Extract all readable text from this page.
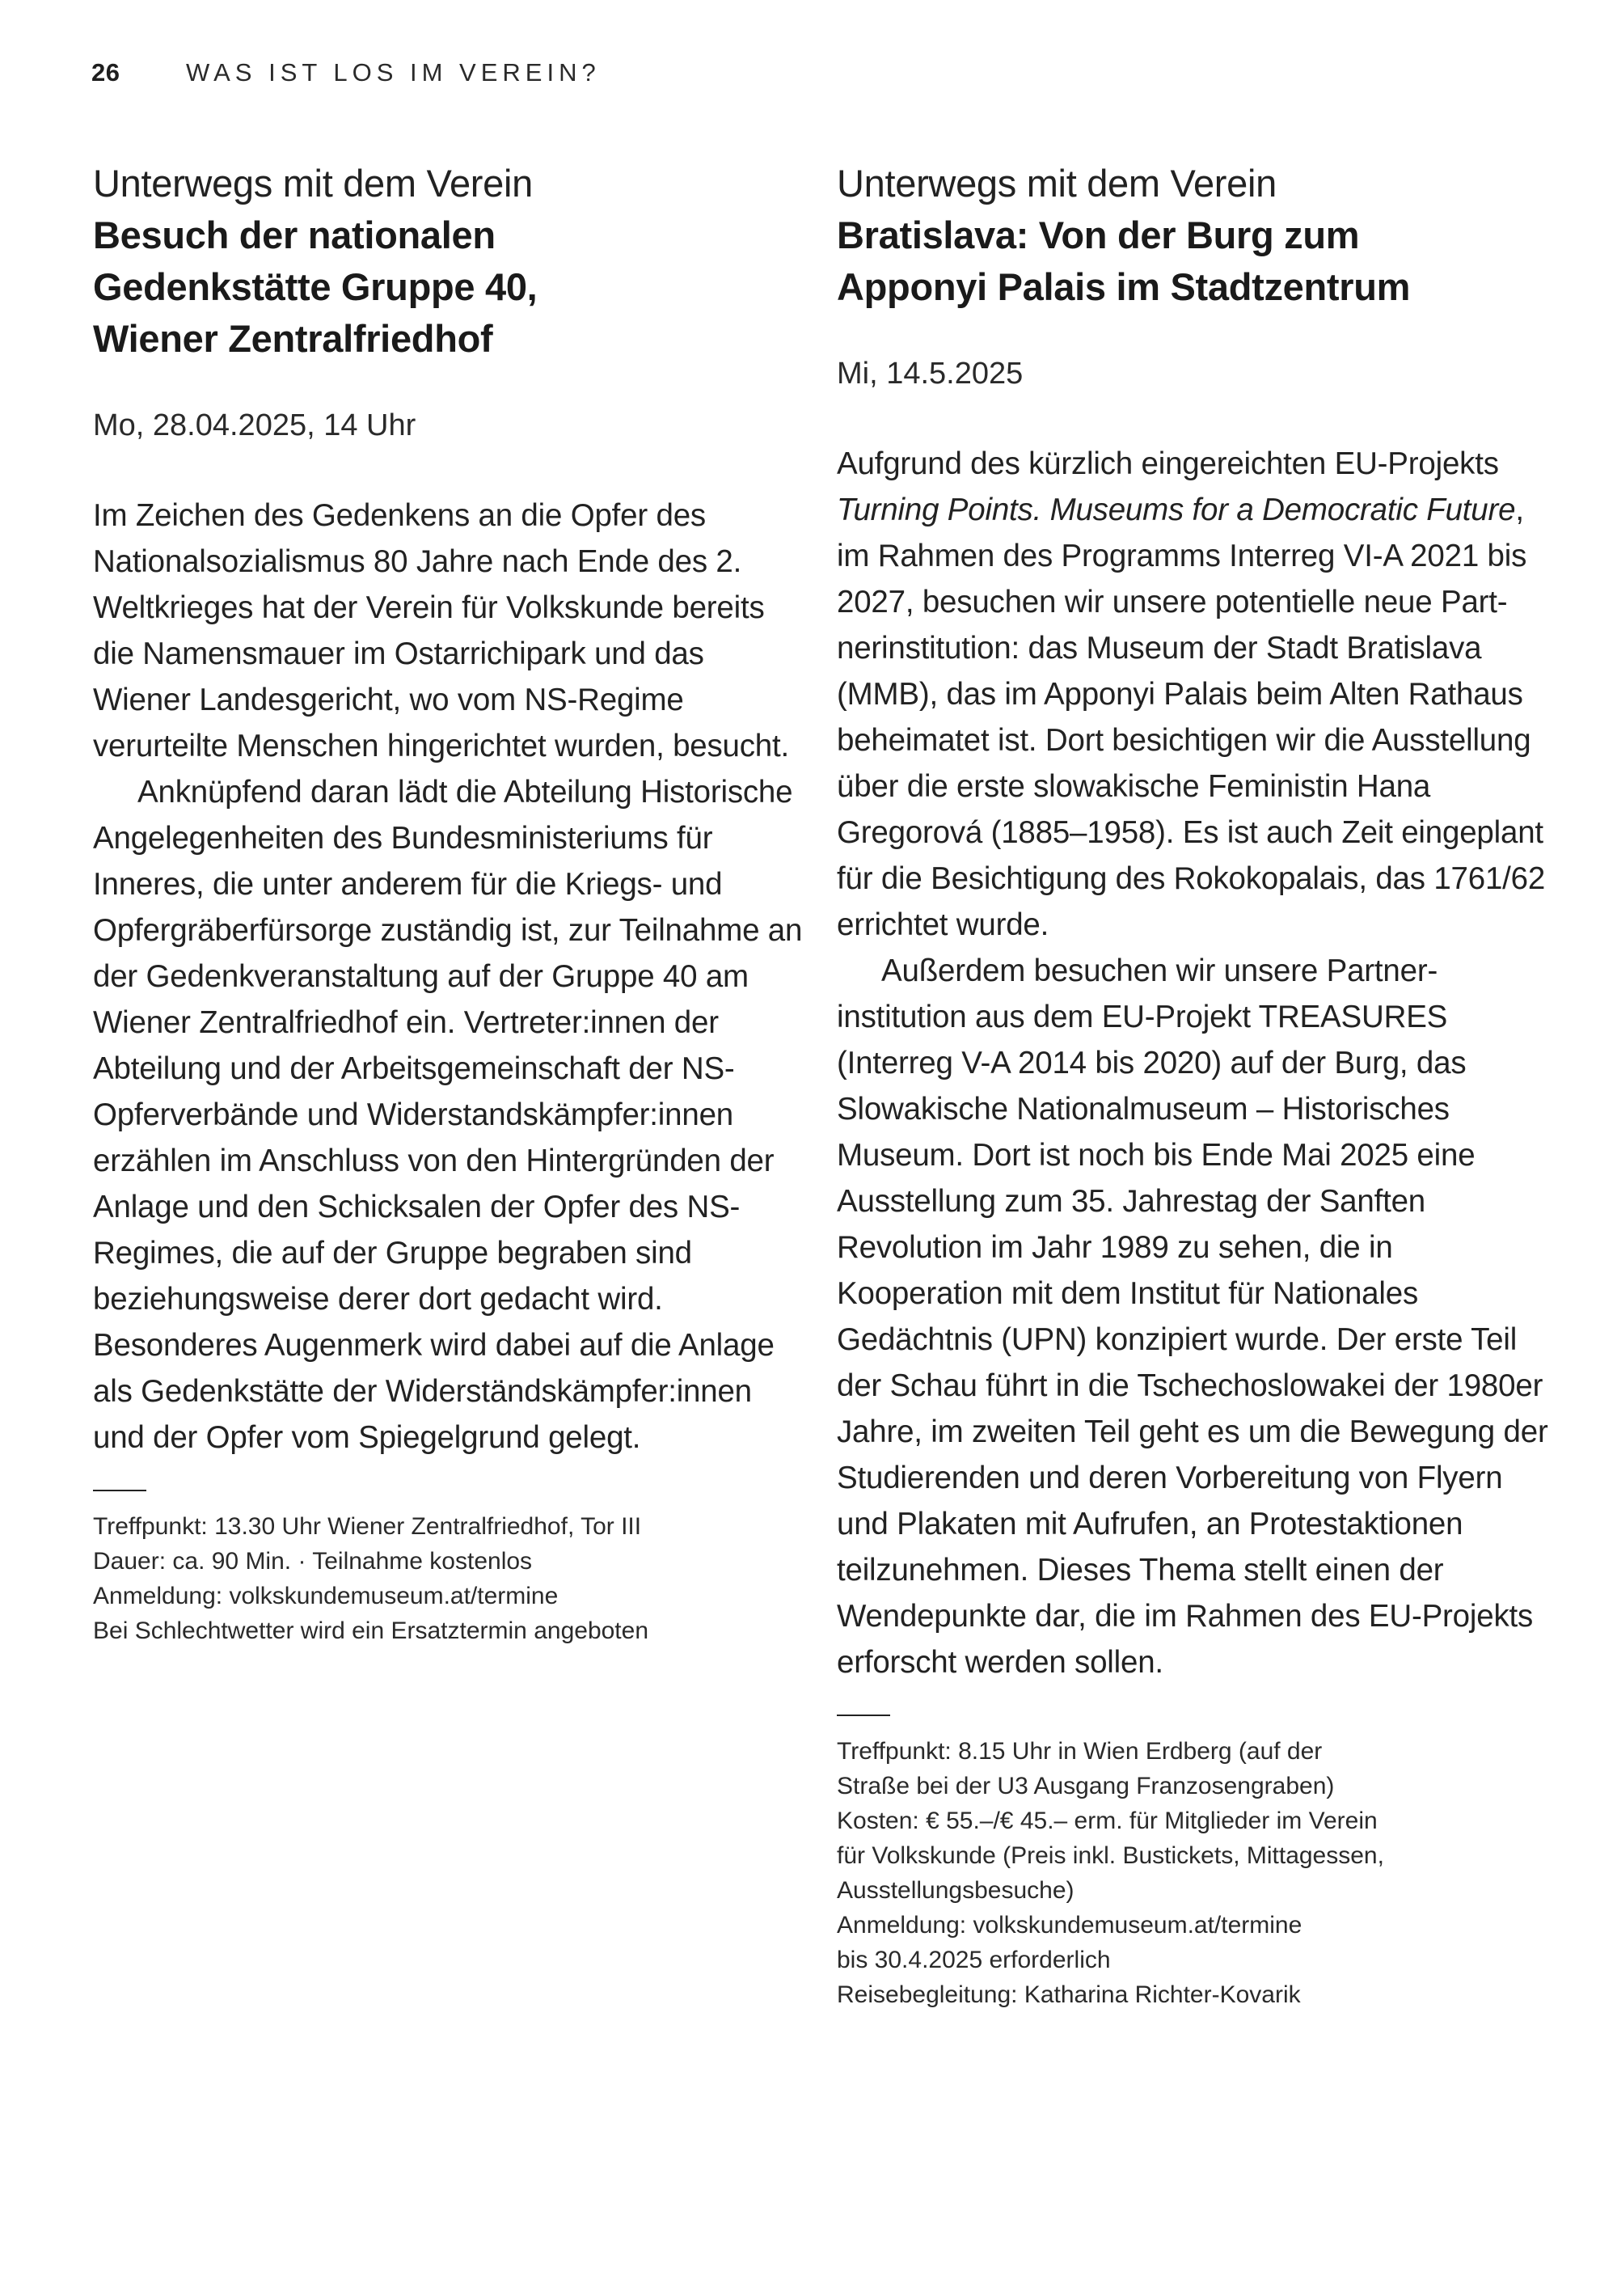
26	WAS IST LOS IM VEREIN?
Unterwegs mit dem Verein
Besuch der nationalen
Gedenkstätte Gruppe 40,
Wiener Zentralfriedhof

Mo, 28.04.2025, 14 Uhr

Im Zeichen des Gedenkens an die Opfer des Nationalsozialismus 80 Jahre nach Ende des 2. Weltkrieges hat der Verein für Volkskunde bereits die Namensmauer im Ostarrichipark und das Wiener Landesgericht, wo vom NS-Regime verurteilte Menschen hingerichtet wurden, besucht.

Anknüpfend daran lädt die Abteilung Historische Angelegenheiten des Bundesministeriums für Inneres, die unter anderem für die Kriegs- und Opfergräberfürsorge zuständig ist, zur Teilnahme an der Gedenkveranstaltung auf der Gruppe 40 am Wiener Zentralfriedhof ein. Vertreter:innen der Abteilung und der Arbeitsgemeinschaft der NS-Opferverbände und Widerstandskämpfer:innen erzählen im Anschluss von den Hintergründen der Anlage und den Schicksalen der Opfer des NS-Regimes, die auf der Gruppe begraben sind beziehungsweise derer dort gedacht wird. Besonderes Augenmerk wird dabei auf die Anlage als Gedenkstätte der Widerständskämpfer:innen und der Opfer vom Spiegelgrund gelegt.

Treffpunkt: 13.30 Uhr Wiener Zentralfriedhof, Tor III
Dauer: ca. 90 Min. · Teilnahme kostenlos
Anmeldung: volkskundemuseum.at/termine
Bei Schlechtwetter wird ein Ersatztermin angeboten
Unterwegs mit dem Verein
Bratislava: Von der Burg zum
Apponyi Palais im Stadtzentrum

Mi, 14.5.2025

Aufgrund des kürzlich eingereichten EU-Projekts Turning Points. Museums for a Democratic Future, im Rahmen des Programms Interreg VI-A 2021 bis 2027, besuchen wir unsere potentielle neue Partnerinstitution: das Museum der Stadt Bratislava (MMB), das im Apponyi Palais beim Alten Rathaus beheimatet ist. Dort besichtigen wir die Ausstellung über die erste slowakische Feministin Hana Gregorová (1885–1958). Es ist auch Zeit eingeplant für die Besichtigung des Rokokopalais, das 1761/62 errichtet wurde.

Außerdem besuchen wir unsere Partnerinstitution aus dem EU-Projekt TREASURES (Interreg V-A 2014 bis 2020) auf der Burg, das Slowakische Nationalmuseum – Historisches Museum. Dort ist noch bis Ende Mai 2025 eine Ausstellung zum 35. Jahrestag der Sanften Revolution im Jahr 1989 zu sehen, die in Kooperation mit dem Institut für Nationales Gedächtnis (UPN) konzipiert wurde. Der erste Teil der Schau führt in die Tschechoslowakei der 1980er Jahre, im zweiten Teil geht es um die Bewegung der Studierenden und deren Vorbereitung von Flyern und Plakaten mit Aufrufen, an Protestaktionen teilzunehmen. Dieses Thema stellt einen der Wendepunkte dar, die im Rahmen des EU-Projekts erforscht werden sollen.

Treffpunkt: 8.15 Uhr in Wien Erdberg (auf der
Straße bei der U3 Ausgang Franzosengraben)
Kosten: € 55.–/€ 45.– erm. für Mitglieder im Verein
für Volkskunde (Preis inkl. Bustickets, Mittagessen,
Ausstellungsbesuche)
Anmeldung: volkskundemuseum.at/termine
bis 30.4.2025 erforderlich
Reisebegleitung: Katharina Richter-Kovarik
